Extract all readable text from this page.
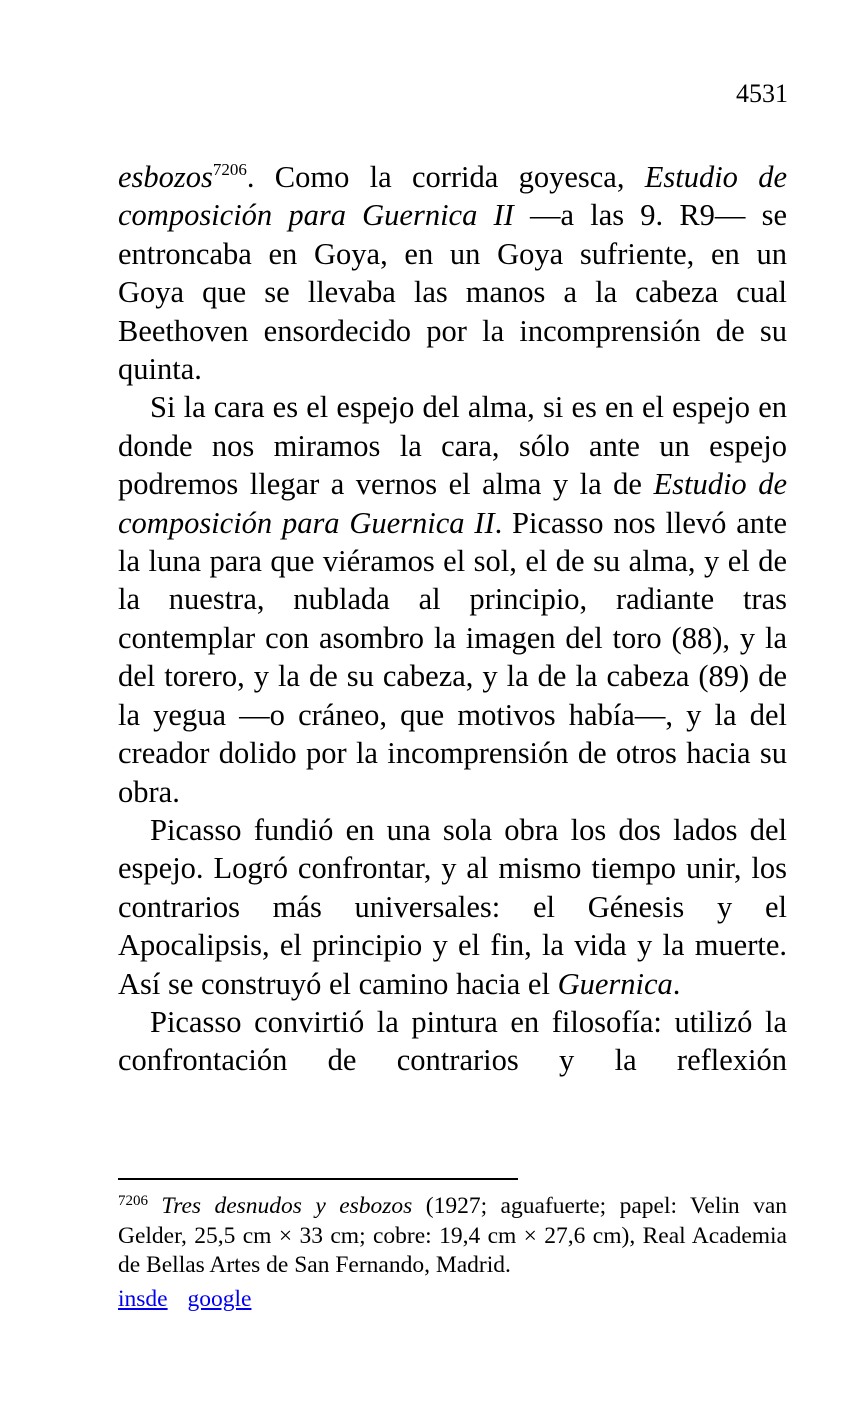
4531

esbozos$^{7206}$. Como la corrida goyesca, Estudio de composición para Guernica II —a las 9. R9— se entroncaba en Goya, en un Goya sufriente, en un Goya que se llevaba las manos a la cabeza cual Beethoven ensordecido por la incomprensión de su quinta.

Si la cara es el espejo del alma, si es en el espejo en donde nos miramos la cara, sólo ante un espejo podremos llegar a vernos el alma y la de Estudio de composición para Guernica II. Picasso nos llevó ante la luna para que viéramos el sol, el de su alma, y el de la nuestra, nublada al principio, radiante tras contemplar con asombro la imagen del toro (88), y la del torero, y la de su cabeza, y la de la cabeza (89) de la yegua —o cráneo, que motivos había—, y la del creador dolido por la incomprensión de otros hacia su obra.

Picasso fundió en una sola obra los dos lados del espejo. Logró confrontar, y al mismo tiempo unir, los contrarios más universales: el Génesis y el Apocalipsis, el principio y el fin, la vida y la muerte. Así se construyó el camino hacia el Guernica.

Picasso convirtió la pintura en filosofía: utilizó la confrontación de contrarios y la reflexión

$^{7206}$ Tres desnudos y esbozos (1927; aguafuerte; papel: Velin van Gelder, 25,5 cm × 33 cm; cobre: 19,4 cm × 27,6 cm), Real Academia de Bellas Artes de San Fernando, Madrid.
insde google
